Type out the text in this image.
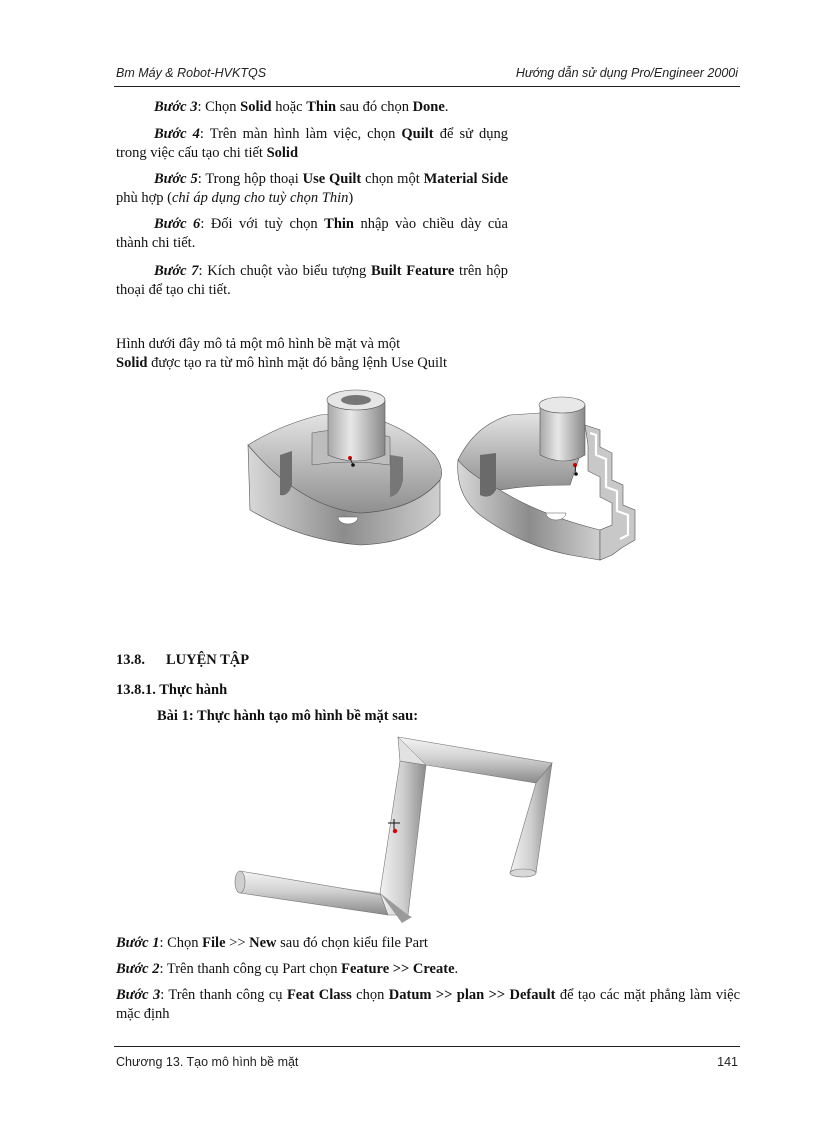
Bm Máy & Robot-HVKTQS	Hướng dẫn sử dụng Pro/Engineer 2000i
Bước 3: Chọn Solid hoặc Thin sau đó chọn Done.
Bước 4: Trên màn hình làm việc, chọn Quilt để sử dụng trong việc cấu tạo chi tiết Solid
Bước 5: Trong hộp thoại Use Quilt chọn một Material Side phù hợp (chỉ áp dụng cho tuỳ chọn Thin)
Bước 6: Đối với tuỳ chọn Thin nhập vào chiều dày của thành chi tiết.
Bước 7: Kích chuột vào biểu tượng Built Feature trên hộp thoại để tạo chi tiết.
Hình dưới đây mô tả một mô hình bề mặt và một
Solid được tạo ra từ mô hình mặt đó bằng lệnh Use Quilt
13.8. LUYỆN TẬP
13.8.1. Thực hành
Bài 1: Thực hành tạo mô hình bề mặt sau:
Bước 1: Chọn File >> New sau đó chọn kiểu file Part
Bước 2: Trên thanh công cụ Part chọn Feature >> Create.
Bước 3: Trên thanh công cụ Feat Class chọn Datum >> plan >> Default để tạo các mặt phẳng làm việc mặc định
Chương 13. Tạo mô hình bề mặt	141
